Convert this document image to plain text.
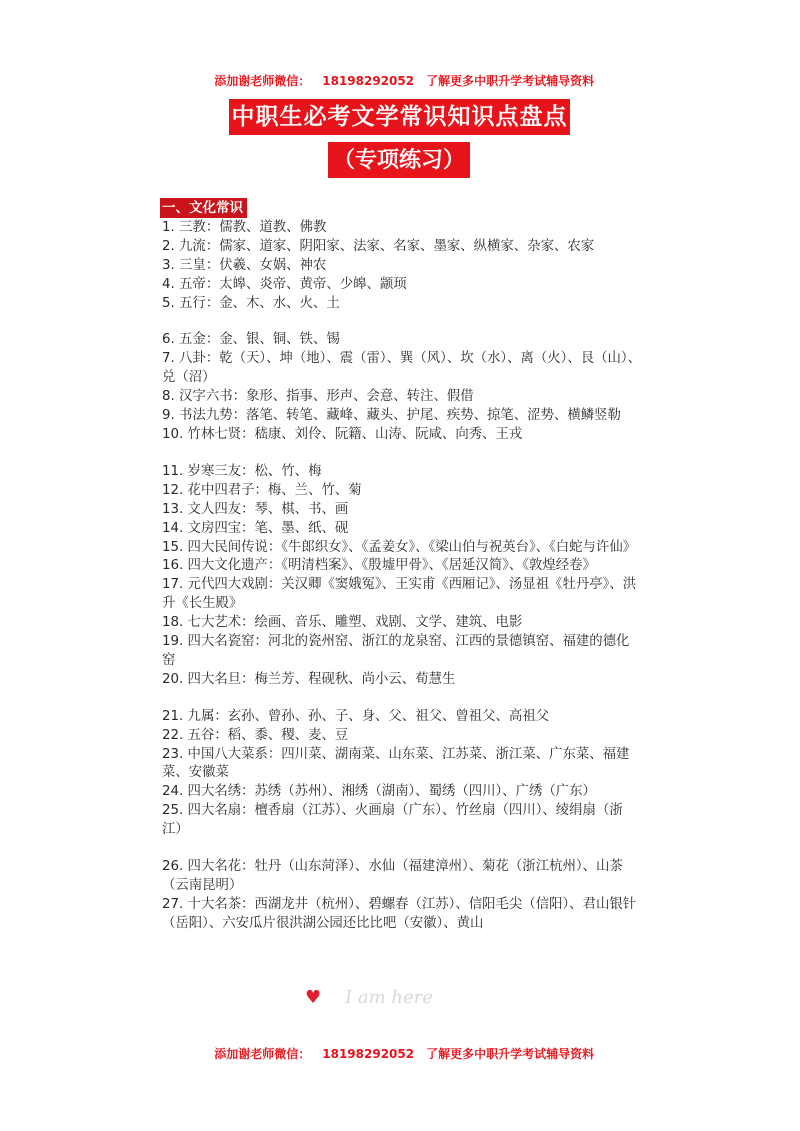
添加谢老师微信： 18198292052 了解更多中职升学考试辅导资料

中职生必考文学常识知识点盘点
（专项练习）
一、文化常识
1. 三教：儒教、道教、佛教
2. 九流：儒家、道家、阴阳家、法家、名家、墨家、纵横家、杂家、农家
3. 三皇：伏羲、女娲、神农
4. 五帝：太皞、炎帝、黄帝、少皞、颛顼
5. 五行：金、木、水、火、土
6. 五金：金、银、铜、铁、锡
7. 八卦：乾（天）、坤（地）、震（雷）、巽（风）、坎（水）、离（火）、艮（山）、兑（沼）
8. 汉字六书：象形、指事、形声、会意、转注、假借
9. 书法九势：落笔、转笔、藏峰、藏头、护尾、疾势、掠笔、涩势、横鳞竖勒
10. 竹林七贤：嵇康、刘伶、阮籍、山涛、阮咸、向秀、王戎
11. 岁寒三友：松、竹、梅
12. 花中四君子：梅、兰、竹、菊
13. 文人四友：琴、棋、书、画
14. 文房四宝：笔、墨、纸、砚
15. 四大民间传说：《牛郎织女》、《孟姜女》、《梁山伯与祝英台》、《白蛇与许仙》
16. 四大文化遗产：《明清档案》、《殷墟甲骨》、《居延汉简》、《敦煌经卷》
17. 元代四大戏剧：关汉卿《窦娥冤》、王实甫《西厢记》、汤显祖《牡丹亭》、洪升《长生殿》
18. 七大艺术：绘画、音乐、雕塑、戏剧、文学、建筑、电影
19. 四大名瓷窑：河北的瓷州窑、浙江的龙泉窑、江西的景德镇窑、福建的德化窑
20. 四大名旦：梅兰芳、程砚秋、尚小云、荀慧生
21. 九属：玄孙、曾孙、孙、子、身、父、祖父、曾祖父、高祖父
22. 五谷：稻、黍、稷、麦、豆
23. 中国八大菜系：四川菜、湖南菜、山东菜、江苏菜、浙江菜、广东菜、福建菜、安徽菜
24. 四大名绣：苏绣（苏州）、湘绣（湖南）、蜀绣（四川）、广绣（广东）
25. 四大名扇：檀香扇（江苏）、火画扇（广东）、竹丝扇（四川）、绫绢扇（浙江）
26. 四大名花：牡丹（山东菏泽）、水仙（福建漳州）、菊花（浙江杭州）、山茶（云南昆明）
27. 十大名茶：西湖龙井（杭州）、碧螺春（江苏）、信阳毛尖（信阳）、君山银针（岳阳）、六安瓜片很洪湖公园还比比吧（安徽）、黄山
♥ I am here

添加谢老师微信： 18198292052 了解更多中职升学考试辅导资料
